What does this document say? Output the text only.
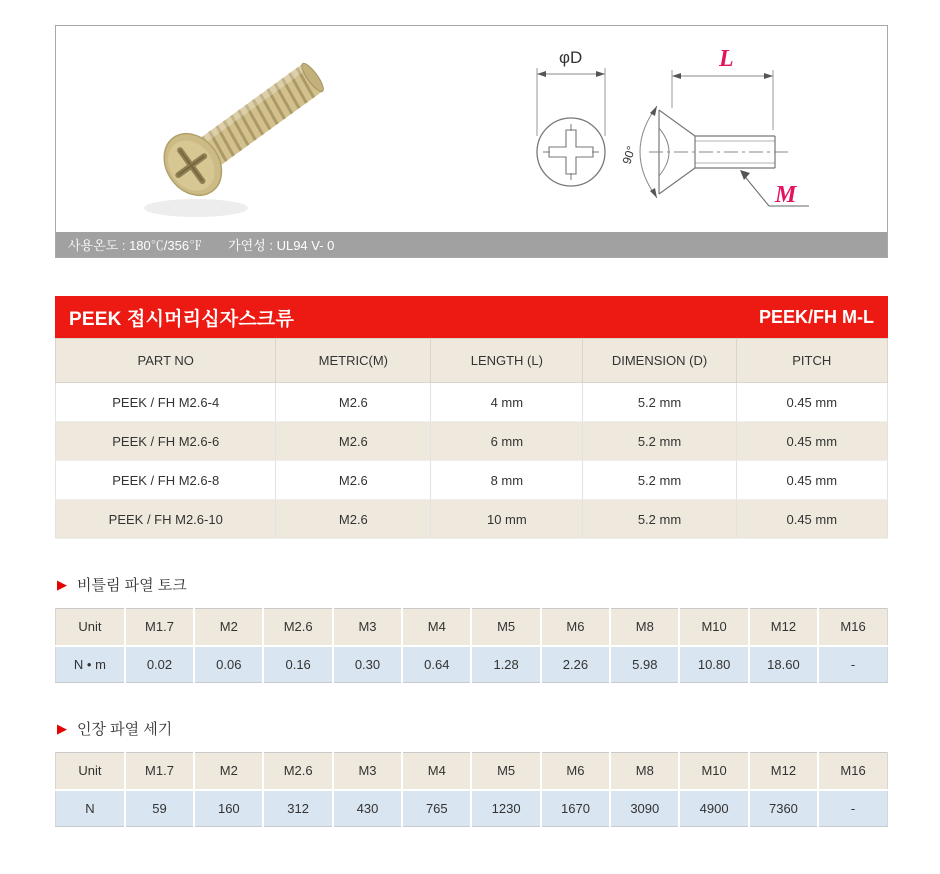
φD	L
90°
M
사용온도 : 180℃/356℉ 가연성 : UL94 V- 0
PEEK 접시머리십자스크류	PEEK/FH M-L
PART NO	METRIC(M)	LENGTH (L)	DIMENSION (D)	PITCH
PEEK / FH M2.6-4	M2.6	4 mm	5.2 mm	0.45 mm
PEEK / FH M2.6-6	M2.6	6 mm	5.2 mm	0.45 mm
PEEK / FH M2.6-8	M2.6	8 mm	5.2 mm	0.45 mm
PEEK / FH M2.6-10	M2.6	10 mm	5.2 mm	0.45 mm
▶ 비틀림 파열 토크
Unit	M1.7	M2	M2.6	M3	M4	M5	M6	M8	M10	M12	M16
N • m	0.02	0.06	0.16	0.30	0.64	1.28	2.26	5.98	10.80	18.60	-
▶ 인장 파열 세기
Unit	M1.7	M2	M2.6	M3	M4	M5	M6	M8	M10	M12	M16
N	59	160	312	430	765	1230	1670	3090	4900	7360	-
